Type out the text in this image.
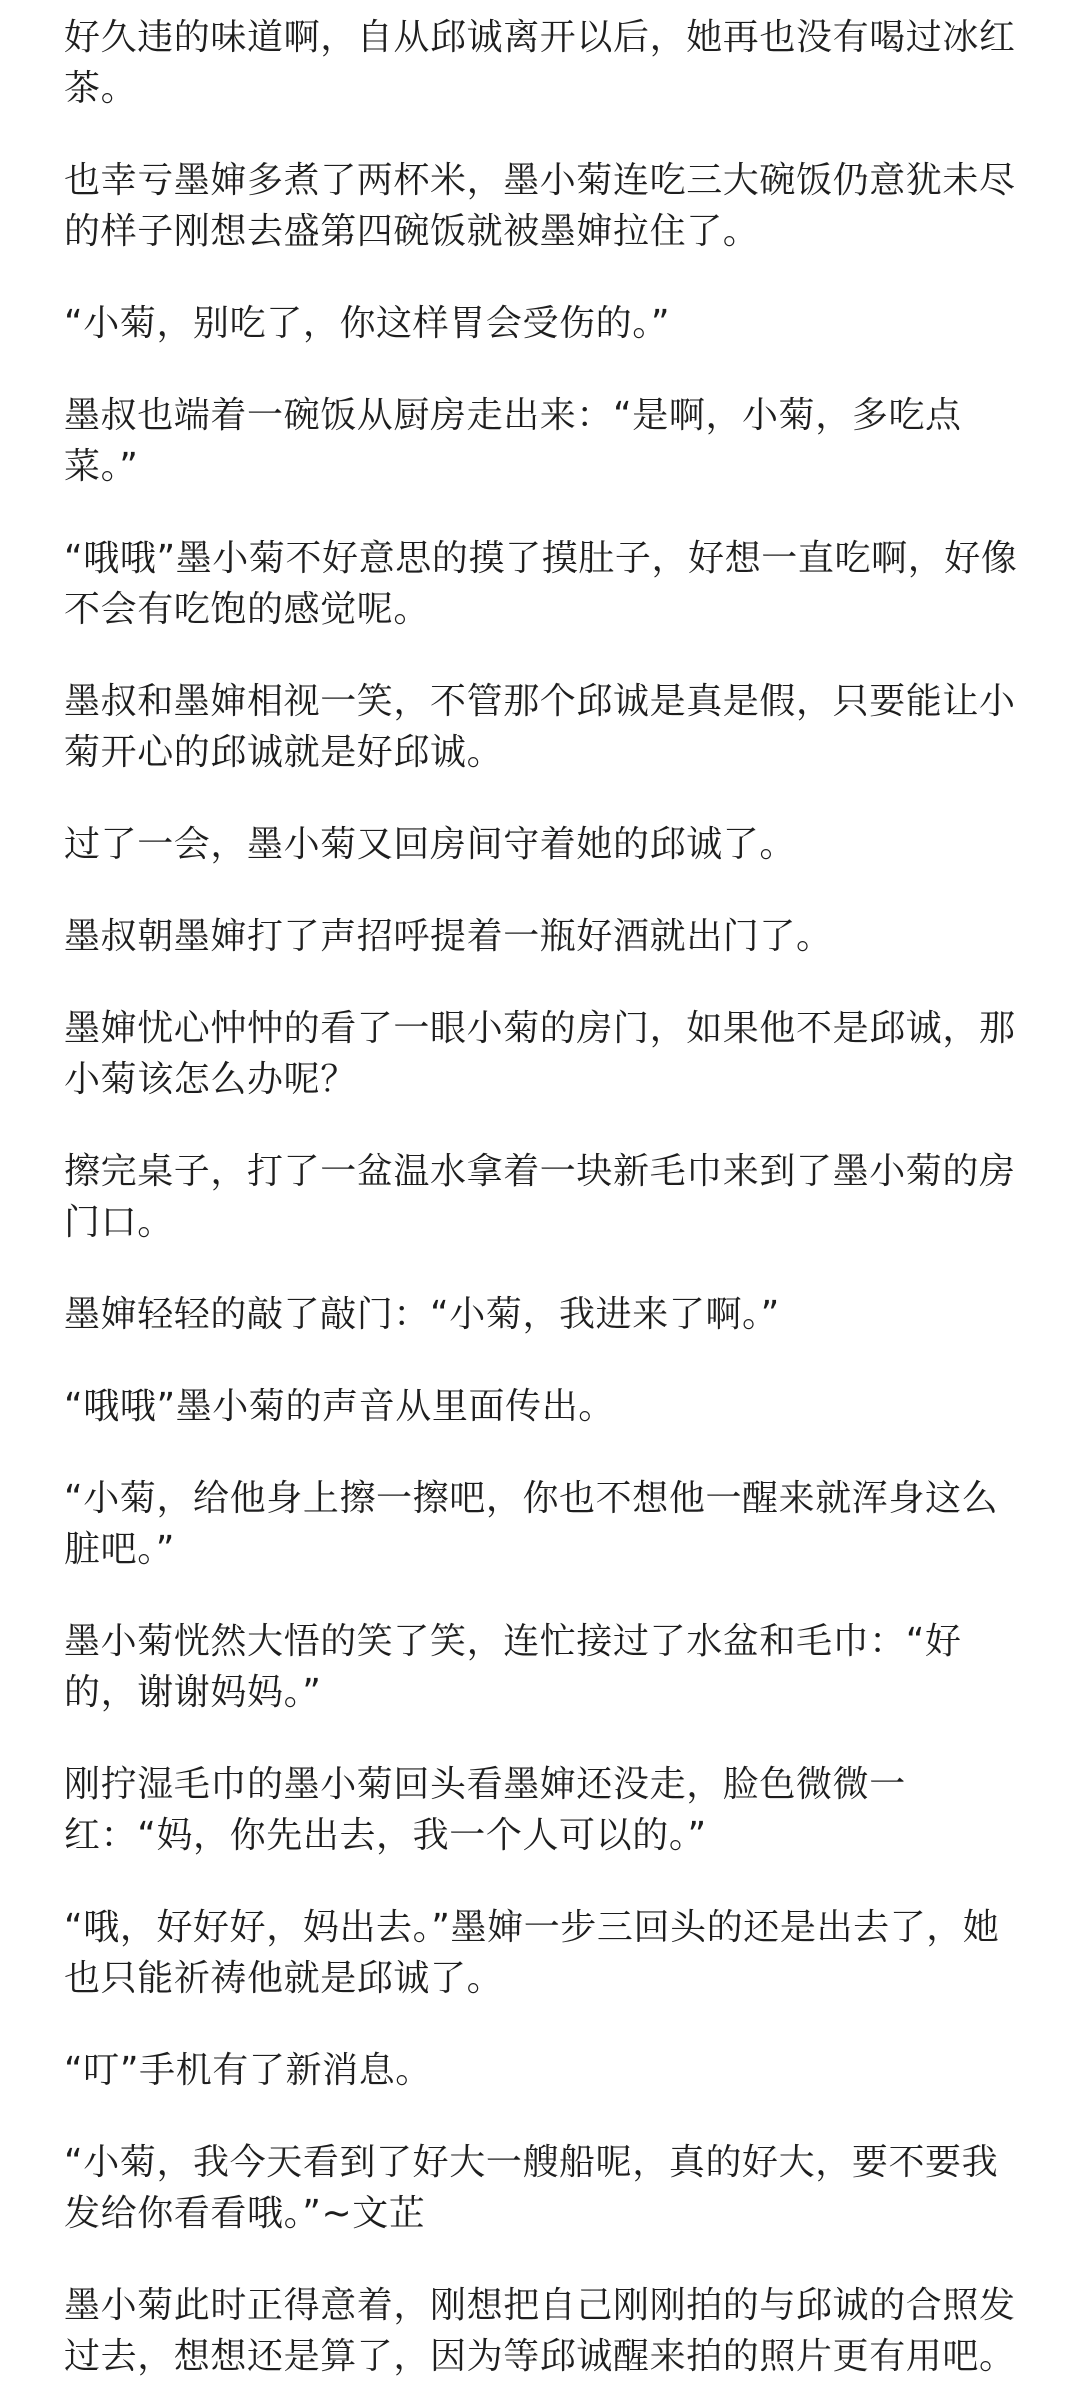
好久违的味道啊，自从邱诚离开以后，她再也没有喝过冰红茶。

也幸亏墨婶多煮了两杯米，墨小菊连吃三大碗饭仍意犹未尽的样子刚想去盛第四碗饭就被墨婶拉住了。

“小菊，别吃了，你这样胃会受伤的。”

墨叔也端着一碗饭从厨房走出来：“是啊，小菊，多吃点菜。”

“哦哦”墨小菊不好意思的摸了摸肚子，好想一直吃啊，好像不会有吃饱的感觉呢。

墨叔和墨婶相视一笑，不管那个邱诚是真是假，只要能让小菊开心的邱诚就是好邱诚。

过了一会，墨小菊又回房间守着她的邱诚了。

墨叔朝墨婶打了声招呼提着一瓶好酒就出门了。

墨婶忧心忡忡的看了一眼小菊的房门，如果他不是邱诚，那小菊该怎么办呢？

擦完桌子，打了一盆温水拿着一块新毛巾来到了墨小菊的房门口。

墨婶轻轻的敲了敲门：“小菊，我进来了啊。”

“哦哦”墨小菊的声音从里面传出。

“小菊，给他身上擦一擦吧，你也不想他一醒来就浑身这么脏吧。”

墨小菊恍然大悟的笑了笑，连忙接过了水盆和毛巾：“好的，谢谢妈妈。”

刚拧湿毛巾的墨小菊回头看墨婶还没走，脸色微微一红：“妈，你先出去，我一个人可以的。”

“哦，好好好，妈出去。”墨婶一步三回头的还是出去了，她也只能祈祷他就是邱诚了。

“叮”手机有了新消息。

“小菊，我今天看到了好大一艘船呢，真的好大，要不要我发给你看看哦。”~文芷

墨小菊此时正得意着，刚想把自己刚刚拍的与邱诚的合照发过去，想想还是算了，因为等邱诚醒来拍的照片更有用吧。
